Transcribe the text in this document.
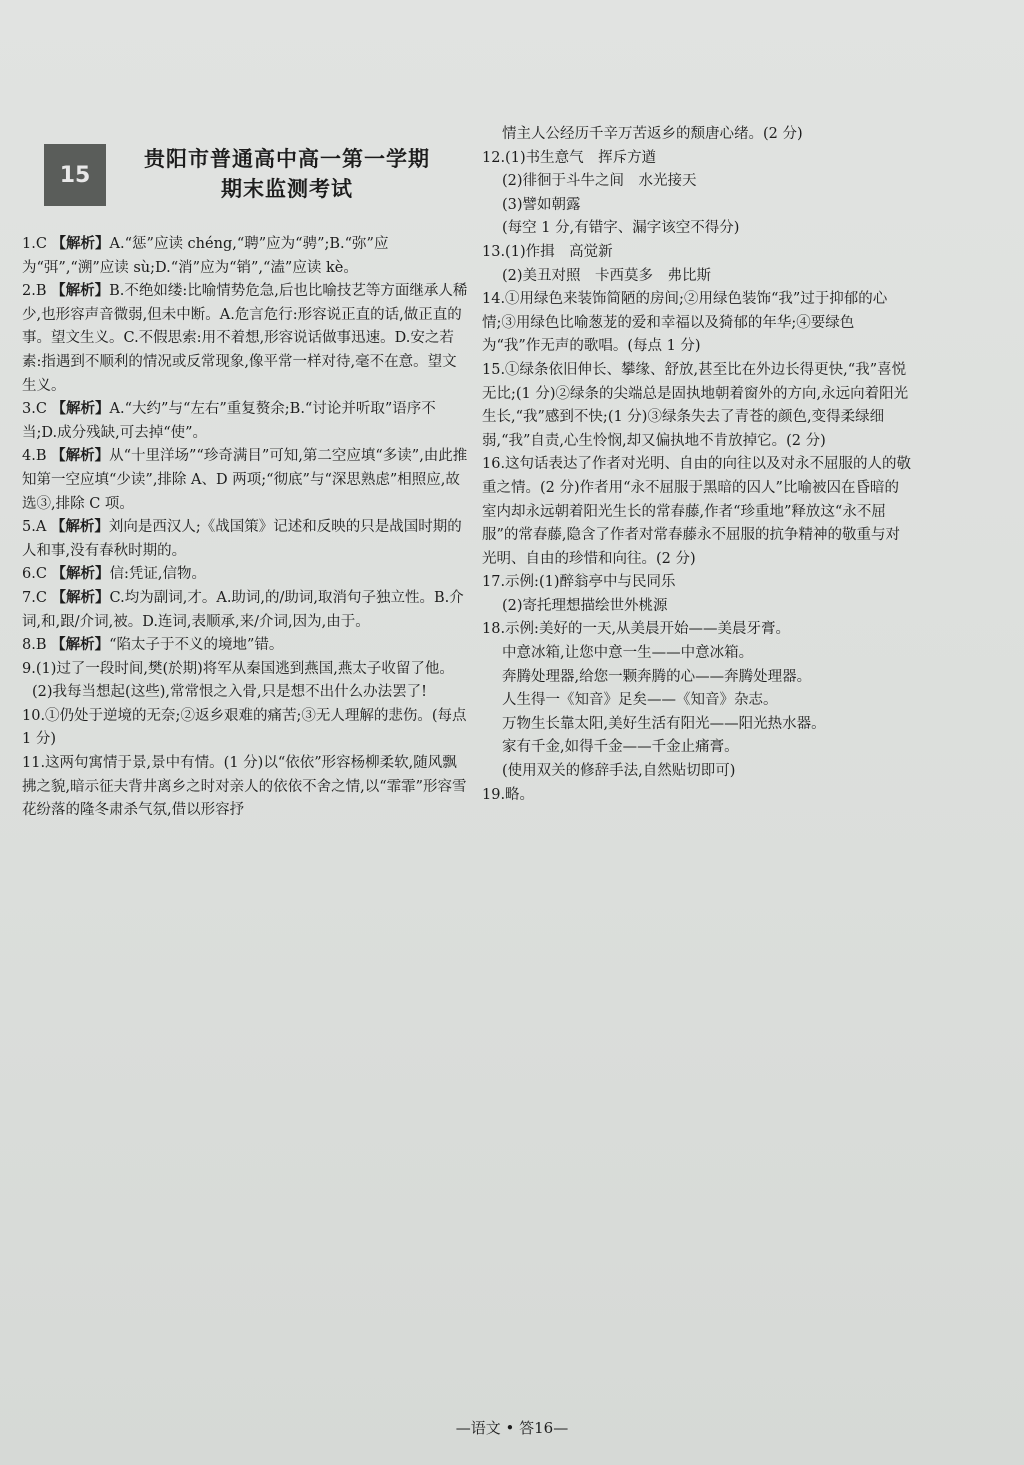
15
贵阳市普通高中高一第一学期
期末监测考试

1.C 【解析】A.“惩”应读 chéng,“聘”应为“骋”;B.“弥”应为“弭”,“溯”应读 sù;D.“消”应为“销”,“溘”应读 kè。

2.B 【解析】B.不绝如缕:比喻情势危急,后也比喻技艺等方面继承人稀少,也形容声音微弱,但未中断。A.危言危行:形容说正直的话,做正直的事。望文生义。C.不假思索:用不着想,形容说话做事迅速。D.安之若素:指遇到不顺利的情况或反常现象,像平常一样对待,毫不在意。望文生义。

3.C 【解析】A.“大约”与“左右”重复赘余;B.“讨论并听取”语序不当;D.成分残缺,可去掉“使”。

4.B 【解析】从“十里洋场”“珍奇满目”可知,第二空应填“多读”,由此推知第一空应填“少读”,排除 A、D 两项;“彻底”与“深思熟虑”相照应,故选③,排除 C 项。

5.A 【解析】刘向是西汉人;《战国策》记述和反映的只是战国时期的人和事,没有春秋时期的。

6.C 【解析】信:凭证,信物。

7.C 【解析】C.均为副词,才。A.助词,的/助词,取消句子独立性。B.介词,和,跟/介词,被。D.连词,表顺承,来/介词,因为,由于。

8.B 【解析】“陷太子于不义的境地”错。

9.(1)过了一段时间,樊(於期)将军从秦国逃到燕国,燕太子收留了他。

(2)我每当想起(这些),常常恨之入骨,只是想不出什么办法罢了!

10.①仍处于逆境的无奈;②返乡艰难的痛苦;③无人理解的悲伤。(每点 1 分)

11.这两句寓情于景,景中有情。(1 分)以“依依”形容杨柳柔软,随风飘拂之貌,暗示征夫背井离乡之时对亲人的依依不舍之情,以“霏霏”形容雪花纷落的隆冬肃杀气氛,借以形容抒

情主人公经历千辛万苦返乡的颓唐心绪。(2 分)

12.(1)书生意气　挥斥方遒

(2)徘徊于斗牛之间　水光接天

(3)譬如朝露

(每空 1 分,有错字、漏字该空不得分)

13.(1)作揖　高觉新

(2)美丑对照　卡西莫多　弗比斯

14.①用绿色来装饰简陋的房间;②用绿色装饰“我”过于抑郁的心情;③用绿色比喻葱茏的爱和幸福以及猗郁的年华;④要绿色为“我”作无声的歌唱。(每点 1 分)

15.①绿条依旧伸长、攀缘、舒放,甚至比在外边长得更快,“我”喜悦无比;(1 分)②绿条的尖端总是固执地朝着窗外的方向,永远向着阳光生长,“我”感到不快;(1 分)③绿条失去了青苍的颜色,变得柔绿细弱,“我”自责,心生怜悯,却又偏执地不肯放掉它。(2 分)

16.这句话表达了作者对光明、自由的向往以及对永不屈服的人的敬重之情。(2 分)作者用“永不屈服于黑暗的囚人”比喻被囚在昏暗的室内却永远朝着阳光生长的常春藤,作者“珍重地”释放这“永不屈服”的常春藤,隐含了作者对常春藤永不屈服的抗争精神的敬重与对光明、自由的珍惜和向往。(2 分)

17.示例:(1)醉翁亭中与民同乐

(2)寄托理想描绘世外桃源

18.示例:美好的一天,从美晨开始——美晨牙膏。

中意冰箱,让您中意一生——中意冰箱。

奔腾处理器,给您一颗奔腾的心——奔腾处理器。

人生得一《知音》足矣——《知音》杂志。

万物生长靠太阳,美好生活有阳光——阳光热水器。

家有千金,如得千金——千金止痛膏。

(使用双关的修辞手法,自然贴切即可)

19.略。

—语文 • 答16—
